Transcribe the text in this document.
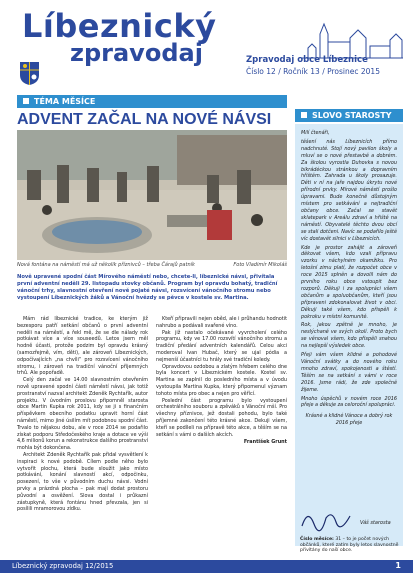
Líbeznický
zpravodaj	Zpravodaj obce Líbeznice
Číslo 12 / Ročník 13 / Prosinec 2015
TÉMA MĚSÍCE
ADVENT ZAČAL NA NOVÉ NÁVSI
Nová fontána na náměstí má už několik příznivců – třeba Čárajů patník	Foto Vladimír Mikoláš
Nově upravené spodní část Mírového náměstí nebo, chcete-li, líbeznické návsi, přivítala první adventní neděli 29. listopadu stovky občanů. Program byl opravdu bohatý, tradiční vánoční trhy, slavnostní otevření nově pojaté návsi, rozsvícení vánočního stromu nebo vystoupení Líbeznických žáků a Vánoční hvězdy se pěvce v kostele sv. Martina.

Mám rád líbeznické tradice, ke kterým již bezesporu patří setkání občanů o první adventní neděli na náměstí, a řekl mě, že se dle nálady rok potkávat více a více souseedů. Letos jsem měl hodně účasti, protože podzim byl opravdu krásný (samozřejmě, vím, děti), ale zároveň Líbeznických, odpočívajících „na chvíli“ pro rozsvícení vánočního stromu, i zároveň na tradiční vánoční příjemných trhů. Ale popořadě.

Celý den začal ve 14.00 slavnostním otevřením nově upravené spodní části náměstí návsi, jak totiž prostranství nazval architekt Zdeněk Rychtařík, autor projektu. V úvodním proslovu připomněl starosta obce Martin Kupka rok 2011, kdy se ji s finančním příspěvkem obecního podatku upravit horní část náměstí, mimo jiné úsilím mít podobnou spodní část. Trvalo to nějakou dobu, ale v roce 2014 se podařilo získat podporu Středočeského kraje a dotace ve výši 4,6 milionů korun a rekonstrukce dalšího prostranství mohla být dokončena.

Architekt Zdeněk Rychtařík pak přidal vysvětlení k inspiraci k nové podobě. Cílem podle něho bylo vytvořit plochu, která bude sloužit jako místo potkávání, konání slavností akcí, odpočinku, posezení, to vše v původním duchu návsi. Vodní prvky a prázdná plocha – pak mají dodat prostoru původní a osvěžení. Slova dostal i průkazní zástupkyně, která fontánu hned převzala, jen si posílili mramorovou zídku.

Kteří připravili nejen oběd, ale i průhandu hodnotit nahrubo a podávali svařené víno.

Pak již nastalo očekávané vyvrcholení celého programu, kdy ve 17.00 rozsvítí vánočního stromu a tradiční předání adventních kalendářů. Celou akci moderoval Ivan Hubač, který se ujal pódia a nejmenší účastníci tu hrály své tradiční koledy.

Opravdovou ozdobou a zlatým hřebem celého dne byla koncert v Líbeznickém kostele. Kostel sv. Martina se zaplnil do posledního místa a v úvodu vystoupila Martina Kupka, který připomenul význam tohoto místa pro obec a nejen pro věřící.

Poslední část programu bylo vystoupení orchestrálního souboru a zpěváků s Vánoční mší. Pro všechny příznivce, jež dostali pohodu, bylo také příjemné zakončení této krásné akce. Dekuji všem, kteří se podíleli na přípravě této akce, a těším se na setkání s vámi o dalších akcích.

František Grunt
SLOVO STAROSTY

Milí čtenáři,

těšení nás Líbeznicích přímo nadchnuté. Stojí nový pavilon školy a mluví se o nové přestavbě a dobrém. Za školou vyrostla Duhovka s novou bikrádéckou stránkou a dopravním hřištěm. Zahrada u školy prosazuje. Děti v ní na jaře najdou úkrytu nové přírodní prvky. Mírové náměstí prošlo úpravami. Bude konečně důstojným místem pro setkávání a nejtradiční občany obce. Začal se stavět sklatepark v Areálu zdraví a hřiště na náměstí. Obyvatelé těchto dvou obcí se stali dotčeni. Navíc se podařilo ještě víc dostavět silnici v Líbeznicích.

Kde je prostor zahájit a zároveň děkovat všem, kdo vzali přípravu vzorku v náchylném okamžiku. Pro letošní zimu platí, že rozpočet obce v roce 2015 splněn a dovolil nám do prvního roku obce vstoupit bez rozporů. Děkuji i za spolupráci všem občanům a spoluobčanům, kteří jsou připraveni zdokonalovat život v obci. Děkuji také všem, kdo přispěli k pokroku v místní komunitě.

Rok, jakou zpětně je mnoho, je neslýchaně ve svých okolí. Proto bych se věnoval všem, kdo přispěli snahou na nejlepší výsledek obce.

Přeji vám všem klidné a pohodové Vánoční svátky a do nového roku mnoho zdraví, spokojenosti a štěstí. Těším se na setkání s vámi v roce 2016. Jsme rádi, že zde společně žijeme.

Mnoho úspěchů v novém roce 2016 přeje a děkuje za celoroční spolupráci.

Krásné a klidné Vánoce a dobrý rok 2016 přeje

Váš starosta
Číslo měsíce: 31 – to je počet nových občánků, které zatím byly letos slavnostně přivítány do naší obce.
Líbeznický zpravodaj 12/2015	1
